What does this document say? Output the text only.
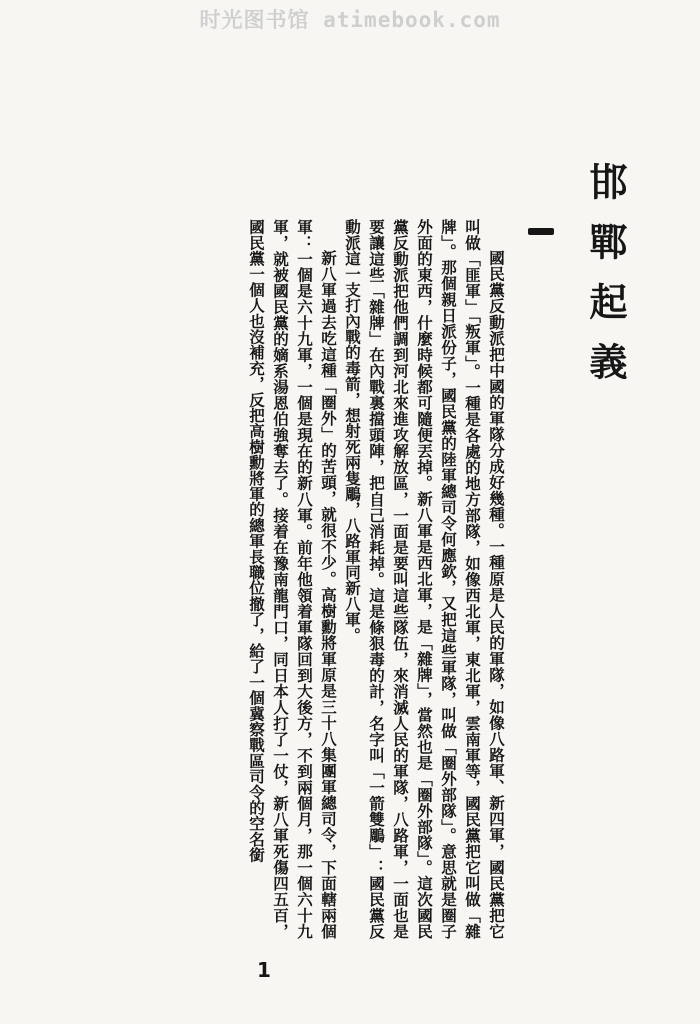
时光图书馆 atimebook.com
邯鄲起義

國民黨反動派把中國的軍隊分成好幾種。一種原是人民的軍隊，如像八路軍、新四軍，國民黨把它叫做「匪軍」「叛軍」。一種是各處的地方部隊，如像西北軍，東北軍，雲南軍等，國民黨把它叫做「雜牌」。那個親日派份子，國民黨的陸軍總司令何應欽，又把這些軍隊，叫做「圈外部隊」。意思就是圈子外面的東西，什麼時候都可隨便丟掉。新八軍是西北軍，是「雜牌」，當然也是「圈外部隊」。這次國民黨反動派把他們調到河北來進攻解放區，一面是要叫這些隊伍，來消滅人民的軍隊，八路軍，一面也是要讓這些「雜牌」在內戰裏擋頭陣，把自己消耗掉。這是條狠毒的計，名字叫「一箭雙鵰」：國民黨反動派這一支打內戰的毒箭，想射死兩隻鵰，八路軍同新八軍。

新八軍過去吃這種「圈外」的苦頭，就很不少。高樹勳將軍原是三十八集團軍總司令，下面轄兩個軍：一個是六十九軍，一個是現在的新八軍。前年他領着軍隊回到大後方，不到兩個月，那一個六十九軍，就被國民黨的嫡系湯恩伯強奪去了。接着在豫南龍門口，同日本人打了一仗，新八軍死傷四五百，國民黨一個人也沒補充，反把高樹勳將軍的總軍長職位撤了，給了一個冀察戰區司令的空名銜

1
